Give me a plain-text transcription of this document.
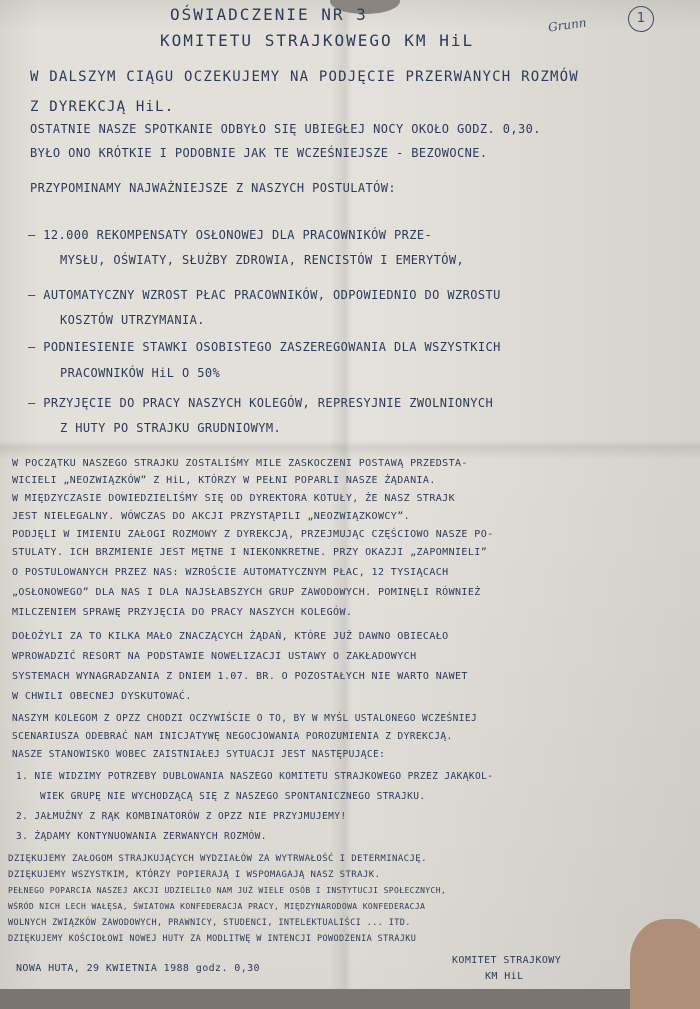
OŚWIADCZENIE NR 3
KOMITETU STRAJKOWEGO KM HiL
Grunn	1
W DALSZYM CIĄGU OCZEKUJEMY NA PODJĘCIE PRZERWANYCH ROZMÓW
Z DYREKCJĄ HiL.
OSTATNIE NASZE SPOTKANIE ODBYŁO SIĘ UBIEGŁEJ NOCY OKOŁO GODZ. 0,30.
BYŁO ONO KRÓTKIE I PODOBNIE JAK TE WCZEŚNIEJSZE - BEZOWOCNE.
PRZYPOMINAMY NAJWAŻNIEJSZE Z NASZYCH POSTULATÓW:
– 12.000 REKOMPENSATY OSŁONOWEJ DLA PRACOWNIKÓW PRZE-
MYSŁU, OŚWIATY, SŁUŻBY ZDROWIA, RENCISTÓW I EMERYTÓW,
– AUTOMATYCZNY WZROST PŁAC PRACOWNIKÓW, ODPOWIEDNIO DO WZROSTU
KOSZTÓW UTRZYMANIA.
– PODNIESIENIE STAWKI OSOBISTEGO ZASZEREGOWANIA DLA WSZYSTKICH
PRACOWNIKÓW HiL O 50%
– PRZYJĘCIE DO PRACY NASZYCH KOLEGÓW, REPRESYJNIE ZWOLNIONYCH
Z HUTY PO STRAJKU GRUDNIOWYM.
W POCZĄTKU NASZEGO STRAJKU ZOSTALIŚMY MILE ZASKOCZENI POSTAWĄ PRZEDSTA-
WICIELI „NEOZWIĄZKÓW” Z HiL, KTÓRZY W PEŁNI POPARLI NASZE ŻĄDANIA.
W MIĘDZYCZASIE DOWIEDZIELIŚMY SIĘ OD DYREKTORA KOTUŁY, ŻE NASZ STRAJK
JEST NIELEGALNY. WÓWCZAS DO AKCJI PRZYSTĄPILI „NEOZWIĄZKOWCY”.
PODJĘLI W IMIENIU ZAŁOGI ROZMOWY Z DYREKCJĄ, PRZEJMUJĄC CZĘŚCIOWO NASZE PO-
STULATY. ICH BRZMIENIE JEST MĘTNE I NIEKONKRETNE. PRZY OKAZJI „ZAPOMNIELI”
O POSTULOWANYCH PRZEZ NAS: WZROŚCIE AUTOMATYCZNYM PŁAC, 12 TYSIĄCACH
„OSŁONOWEGO” DLA NAS I DLA NAJSŁABSZYCH GRUP ZAWODOWYCH. POMINĘLI RÓWNIEŻ
MILCZENIEM SPRAWĘ PRZYJĘCIA DO PRACY NASZYCH KOLEGÓW.
DOŁOŻYLI ZA TO KILKA MAŁO ZNACZĄCYCH ŻĄDAŃ, KTÓRE JUŻ DAWNO OBIECAŁO
WPROWADZIĆ RESORT NA PODSTAWIE NOWELIZACJI USTAWY O ZAKŁADOWYCH
SYSTEMACH WYNAGRADZANIA Z DNIEM 1.07. BR. O POZOSTAŁYCH NIE WARTO NAWET
W CHWILI OBECNEJ DYSKUTOWAĆ.
NASZYM KOLEGOM Z OPZZ CHODZI OCZYWIŚCIE O TO, BY W MYŚL USTALONEGO WCZEŚNIEJ
SCENARIUSZA ODEBRAĆ NAM INICJATYWĘ NEGOCJOWANIA POROZUMIENIA Z DYREKCJĄ.
NASZE STANOWISKO WOBEC ZAISTNIAŁEJ SYTUACJI JEST NASTĘPUJĄCE:
1. NIE WIDZIMY POTRZEBY DUBLOWANIA NASZEGO KOMITETU STRAJKOWEGO PRZEZ JAKĄKOL-
WIEK GRUPĘ NIE WYCHODZĄCĄ SIĘ Z NASZEGO SPONTANICZNEGO STRAJKU.
2. JAŁMUŻNY Z RĄK KOMBINATORÓW Z OPZZ NIE PRZYJMUJEMY!
3. ŻĄDAMY KONTYNUOWANIA ZERWANYCH ROZMÓW.
DZIĘKUJEMY ZAŁOGOM STRAJKUJĄCYCH WYDZIAŁÓW ZA WYTRWAŁOŚĆ I DETERMINACJĘ.
DZIĘKUJEMY WSZYSTKIM, KTÓRZY POPIERAJĄ I WSPOMAGAJĄ NASZ STRAJK.
PEŁNEGO POPARCIA NASZEJ AKCJI UDZIELIŁO NAM JUŻ WIELE OSÓB I INSTYTUCJI SPOŁECZNYCH,
WŚRÓD NICH LECH WAŁĘSA, ŚWIATOWA KONFEDERACJA PRACY, MIĘDZYNARODOWA KONFEDERACJA
WOLNYCH ZWIĄZKÓW ZAWODOWYCH, PRAWNICY, STUDENCI, INTELEKTUALIŚCI ... ITD.
DZIĘKUJEMY KOŚCIOŁOWI NOWEJ HUTY ZA MODLITWĘ W INTENCJI POWODZENIA STRAJKU
NOWA HUTA, 29 KWIETNIA 1988 godz. 0,30
KOMITET STRAJKOWY
KM HiL
